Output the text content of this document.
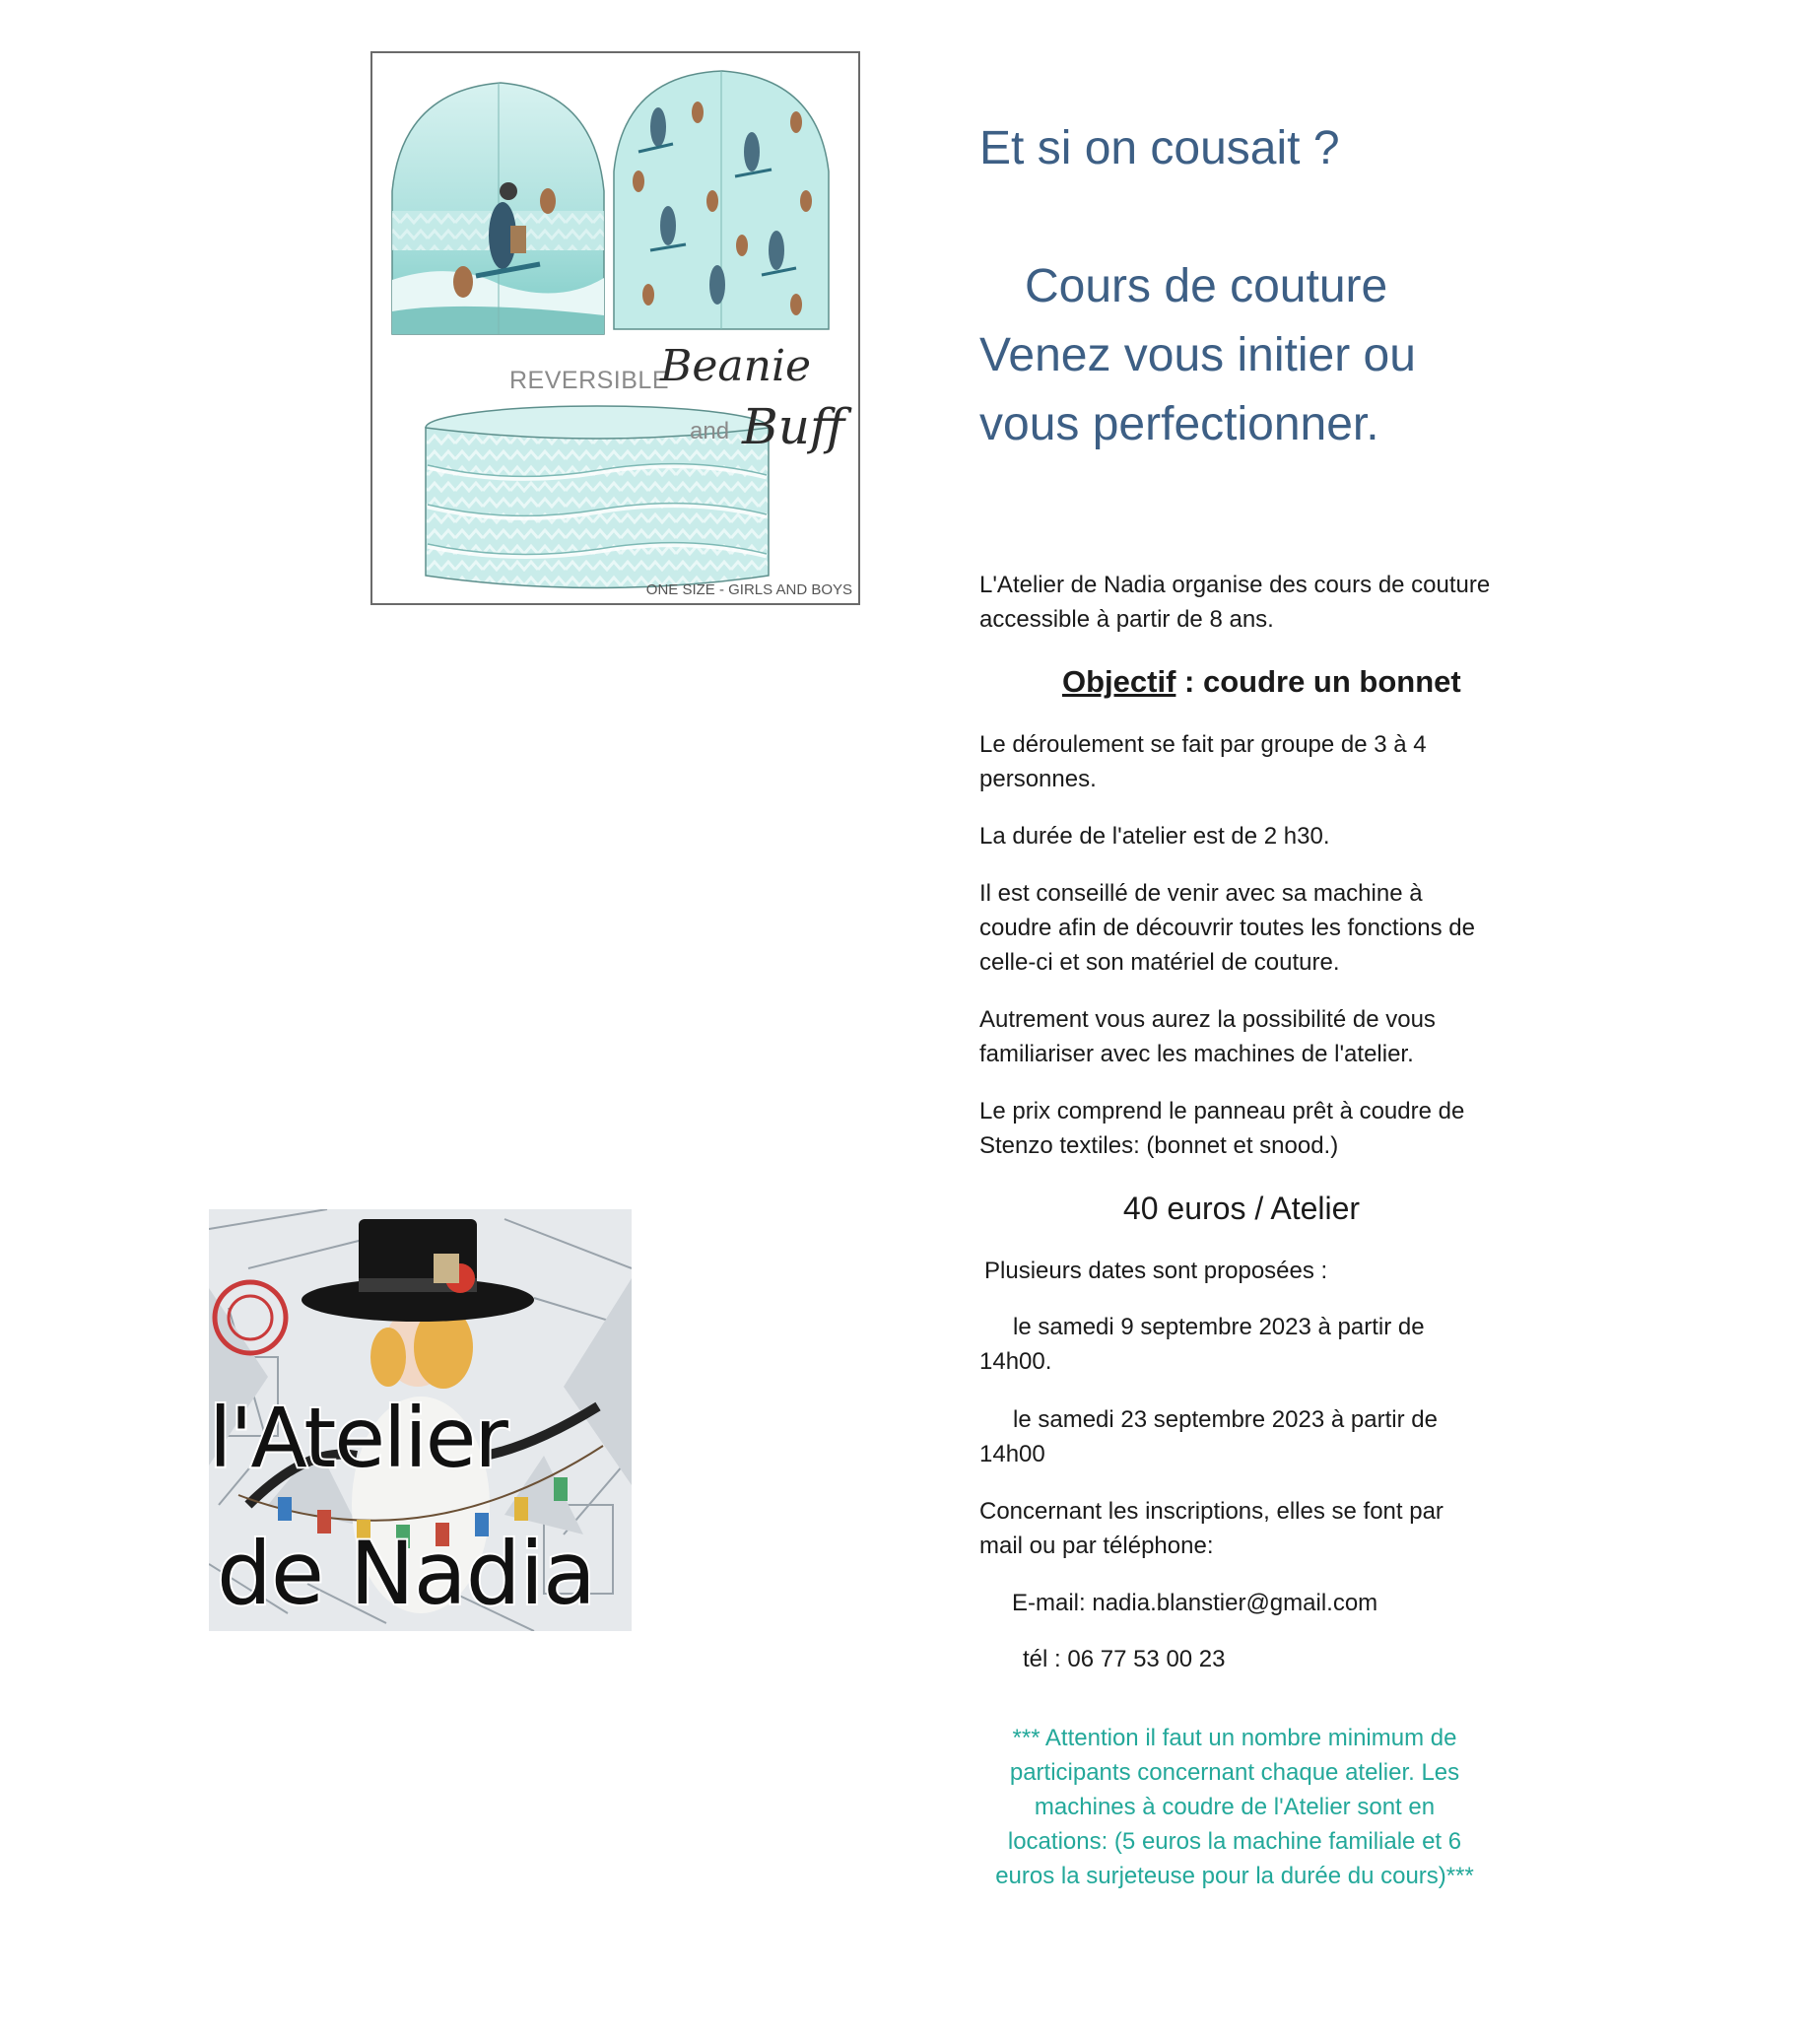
REVERSIBLE
Beanie
and Buff
ONE SIZE - GIRLS AND BOYS
l'Atelier
de Nadia
Et si on cousait ?
Cours de couture
Venez vous initier ou
vous perfectionner.

L'Atelier de Nadia organise des cours de couture accessible à partir de 8 ans.

Objectif : coudre un bonnet

Le déroulement se fait par groupe de 3 à 4 personnes.

La durée de l'atelier est de 2 h30.

Il est conseillé de venir avec sa machine à coudre afin de découvrir toutes les fonctions de celle-ci et son matériel de couture.

Autrement vous aurez la possibilité de vous familiariser avec les machines de l'atelier.

Le prix comprend le panneau prêt à coudre de Stenzo textiles: (bonnet et snood.)

40 euros / Atelier

Plusieurs dates sont proposées :

le samedi 9 septembre 2023 à partir de 14h00.

le samedi 23 septembre 2023 à partir de 14h00

Concernant les inscriptions, elles se font par mail ou par téléphone:

E-mail: nadia.blanstier@gmail.com

tél : 06 77 53 00 23

*** Attention il faut un nombre minimum de participants concernant chaque atelier. Les machines à coudre de l'Atelier sont en locations: (5 euros la machine familiale et 6 euros la surjeteuse pour la durée du cours)***
